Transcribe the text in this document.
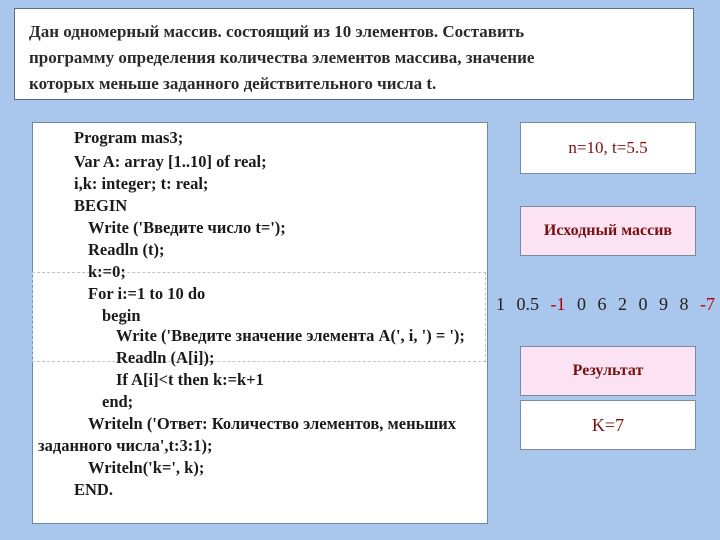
Дан одномерный массив. состоящий из 10 элементов. Составить

программу определения количества элементов массива, значение

которых меньше заданного действительного числа t.

Program mas3;
Var A: array [1..10] of real;
i,k: integer; t: real;
BEGIN
Write ('Введите число t=');
Readln (t);
k:=0;
For i:=1 to 10 do
begin
Write ('Введите значение элемента A(', i, ') = ');
Readln (A[i]);
If A[i]<t then k:=k+1
end;
Writeln ('Ответ: Количество элементов, меньших
заданного числа',t:3:1);
Writeln('k=', k);
END.
n=10, t=5.5
Исходный массив
1 0.5 -1 0 6 2 0 9 8 -7
Результат
K=7
